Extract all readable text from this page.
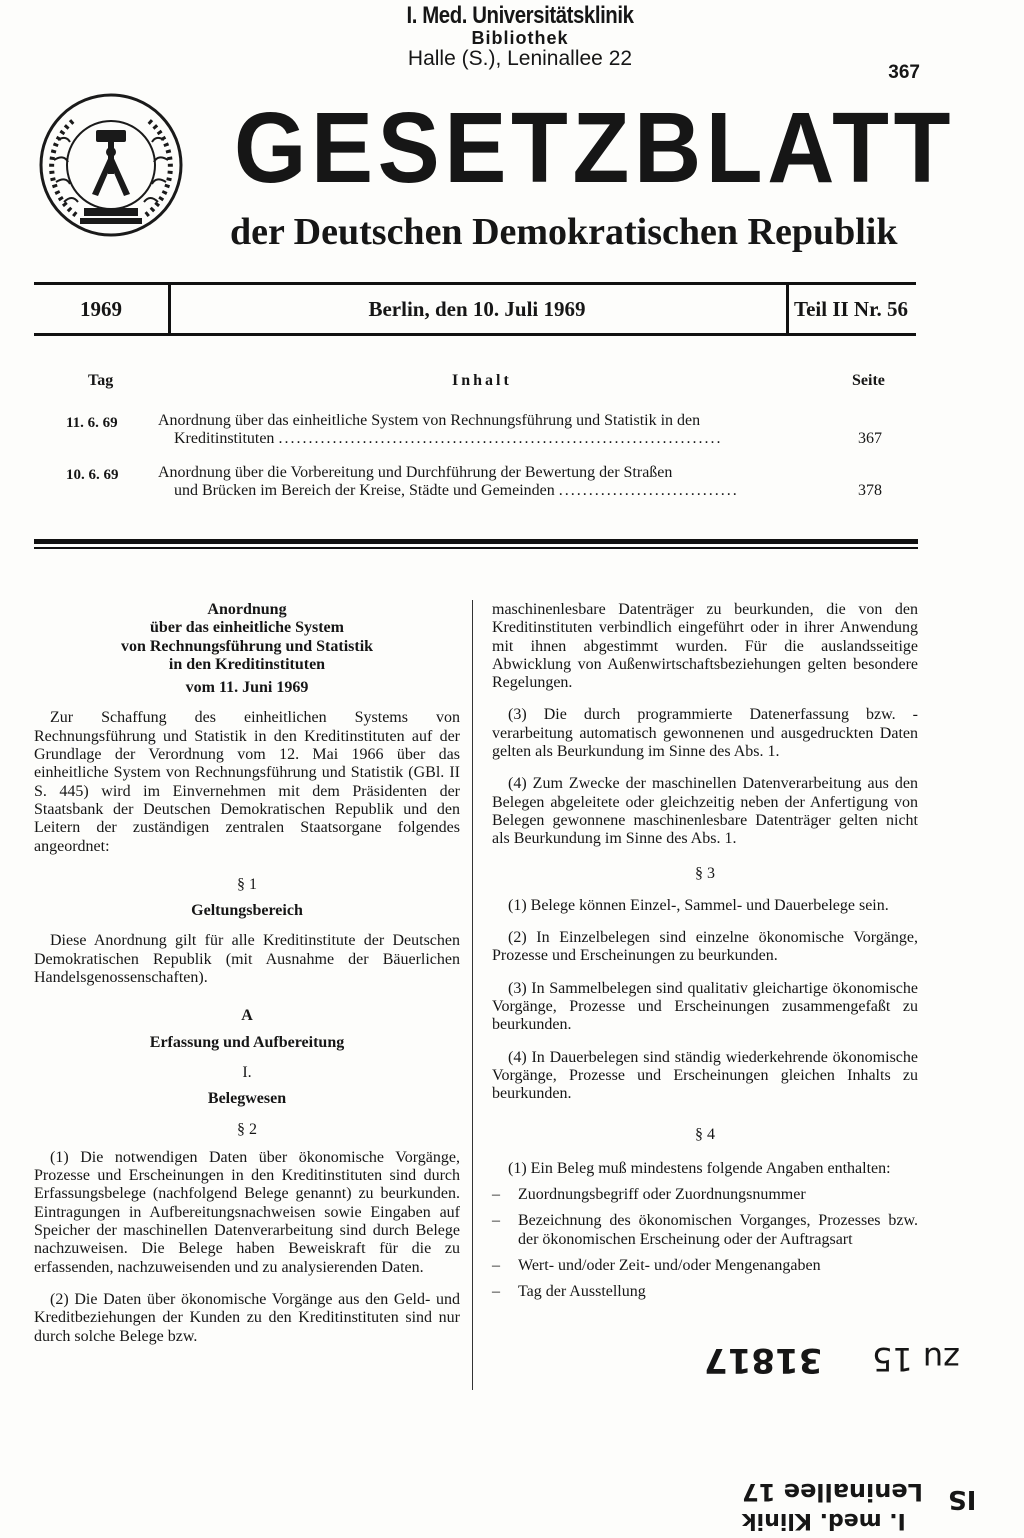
I. Med. Universitätsklinik
Bibliothek
Halle (S.), Leninallee 22
367
GESETZBLATT
der Deutschen Demokratischen Republik
1969	Berlin, den 10. Juli 1969	Teil II Nr. 56
Tag	Inhalt	Seite
11. 6. 69	Anordnung über das einheitliche System von Rechnungsführung und Statistik in den
Kreditinstituten ..........................................................................	367
10. 6. 69 Anordnung über die Vorbereitung und Durchführung der Bewertung der Straßen
und Brücken im Bereich der Kreise, Städte und Gemeinden ..............................	378
Anordnung
über das einheitliche System
von Rechnungsführung und Statistik
in den Kreditinstituten
vom 11. Juni 1969

Zur Schaffung des einheitlichen Systems von Rechnungsführung und Statistik in den Kreditinstituten auf der Grundlage der Verordnung vom 12. Mai 1966 über das einheitliche System von Rechnungsführung und Statistik (GBl. II S. 445) wird im Einvernehmen mit dem Präsidenten der Staatsbank der Deutschen Demokratischen Republik und den Leitern der zuständigen zentralen Staatsorgane folgendes angeordnet:

§ 1
Geltungsbereich

Diese Anordnung gilt für alle Kreditinstitute der Deutschen Demokratischen Republik (mit Ausnahme der Bäuerlichen Handelsgenossenschaften).

A
Erfassung und Aufbereitung
I.
Belegwesen
§ 2

(1) Die notwendigen Daten über ökonomische Vorgänge, Prozesse und Erscheinungen in den Kreditinstituten sind durch Erfassungsbelege (nachfolgend Belege genannt) zu beurkunden. Eintragungen in Aufbereitungsnachweisen sowie Eingaben auf Speicher der maschinellen Datenverarbeitung sind durch Belege nachzuweisen. Die Belege haben Beweiskraft für die zu erfassenden, nachzuweisenden und zu analysierenden Daten.

(2) Die Daten über ökonomische Vorgänge aus den Geld- und Kreditbeziehungen der Kunden zu den Kreditinstituten sind nur durch solche Belege bzw.

maschinenlesbare Datenträger zu beurkunden, die von den Kreditinstituten verbindlich eingeführt oder in ihrer Anwendung mit ihnen abgestimmt wurden. Für die auslandsseitige Abwicklung von Außenwirtschaftsbeziehungen gelten besondere Regelungen.

(3) Die durch programmierte Datenerfassung bzw. -verarbeitung automatisch gewonnenen und ausgedruckten Daten gelten als Beurkundung im Sinne des Abs. 1.

(4) Zum Zwecke der maschinellen Datenverarbeitung aus den Belegen abgeleitete oder gleichzeitig neben der Anfertigung von Belegen gewonnene maschinenlesbare Datenträger gelten nicht als Beurkundung im Sinne des Abs. 1.

§ 3

(1) Belege können Einzel-, Sammel- und Dauerbelege sein.

(2) In Einzelbelegen sind einzelne ökonomische Vorgänge, Prozesse und Erscheinungen zu beurkunden.

(3) In Sammelbelegen sind qualitativ gleichartige ökonomische Vorgänge, Prozesse und Erscheinungen zusammengefaßt zu beurkunden.

(4) In Dauerbelegen sind ständig wiederkehrende ökonomische Vorgänge, Prozesse und Erscheinungen gleichen Inhalts zu beurkunden.

§ 4

(1) Ein Beleg muß mindestens folgende Angaben enthalten:

– Zuordnungsbegriff oder Zuordnungsnummer
– Bezeichnung des ökonomischen Vorganges, Prozesses bzw. der ökonomischen Erscheinung oder der Auftragsart
– Wert- und/oder Zeit- und/oder Mengenangaben
– Tag der Ausstellung
31817 zu 15
Leninallee 17
I. med. Klinik
IS
